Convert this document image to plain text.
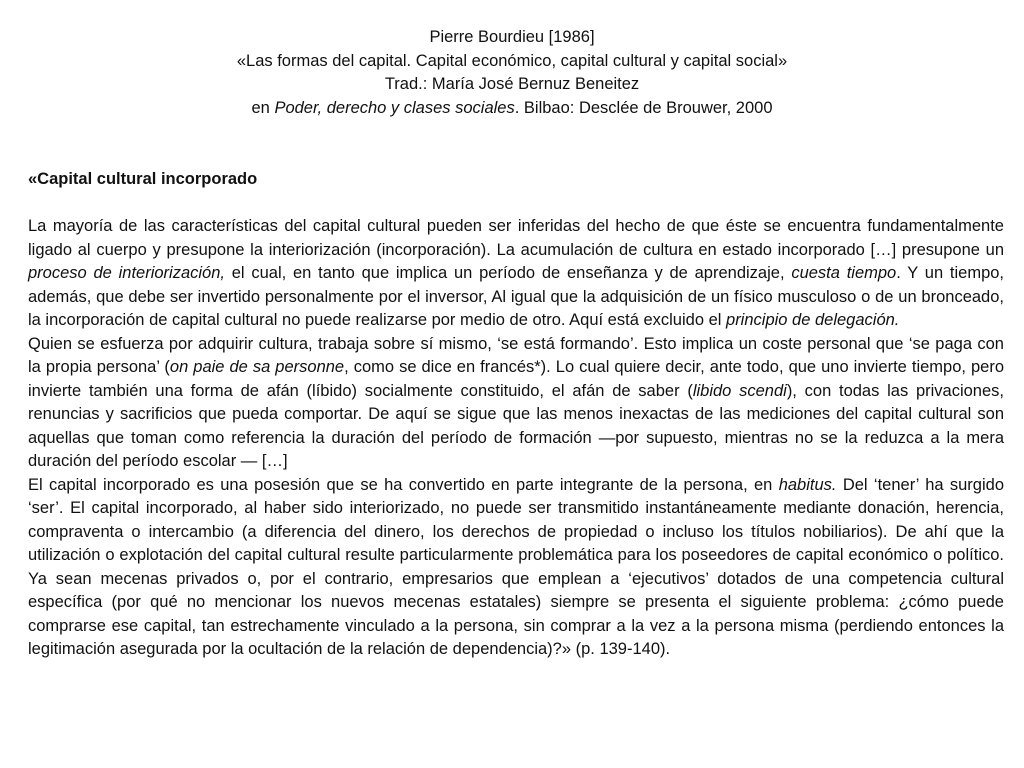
Pierre Bourdieu [1986]
«Las formas del capital. Capital económico, capital cultural y capital social»
Trad.: María José Bernuz Beneitez
en Poder, derecho y clases sociales. Bilbao: Desclée de Brouwer, 2000

«Capital cultural incorporado

La mayoría de las características del capital cultural pueden ser inferidas del hecho de que éste se encuentra fundamentalmente ligado al cuerpo y presupone la interiorización (incorporación). La acumulación de cultura en estado incorporado […] presupone un proceso de interiorización, el cual, en tanto que implica un período de enseñanza y de aprendizaje, cuesta tiempo. Y un tiempo, además, que debe ser invertido personalmente por el inversor, Al igual que la adquisición de un físico musculoso o de un bronceado, la incorporación de capital cultural no puede realizarse por medio de otro. Aquí está excluido el principio de delegación.

Quien se esfuerza por adquirir cultura, trabaja sobre sí mismo, ‘se está formando’. Esto implica un coste personal que ‘se paga con la propia persona’ (on paie de sa personne, como se dice en francés*). Lo cual quiere decir, ante todo, que uno invierte tiempo, pero invierte también una forma de afán (líbido) socialmente constituido, el afán de saber (libido scendi), con todas las privaciones, renuncias y sacrificios que pueda comportar. De aquí se sigue que las menos inexactas de las mediciones del capital cultural son aquellas que toman como referencia la duración del período de formación —por supuesto, mientras no se la reduzca a la mera duración del período escolar — […]

El capital incorporado es una posesión que se ha convertido en parte integrante de la persona, en habitus. Del ‘tener’ ha surgido ‘ser’. El capital incorporado, al haber sido interiorizado, no puede ser transmitido instantáneamente mediante donación, herencia, compraventa o intercambio (a diferencia del dinero, los derechos de propiedad o incluso los títulos nobiliarios). De ahí que la utilización o explotación del capital cultural resulte particularmente problemática para los poseedores de capital económico o político. Ya sean mecenas privados o, por el contrario, empresarios que emplean a ‘ejecutivos’ dotados de una competencia cultural específica (por qué no mencionar los nuevos mecenas estatales) siempre se presenta el siguiente problema: ¿cómo puede comprarse ese capital, tan estrechamente vinculado a la persona, sin comprar a la vez a la persona misma (perdiendo entonces la legitimación asegurada por la ocultación de la relación de dependencia)?» (p. 139-140).
